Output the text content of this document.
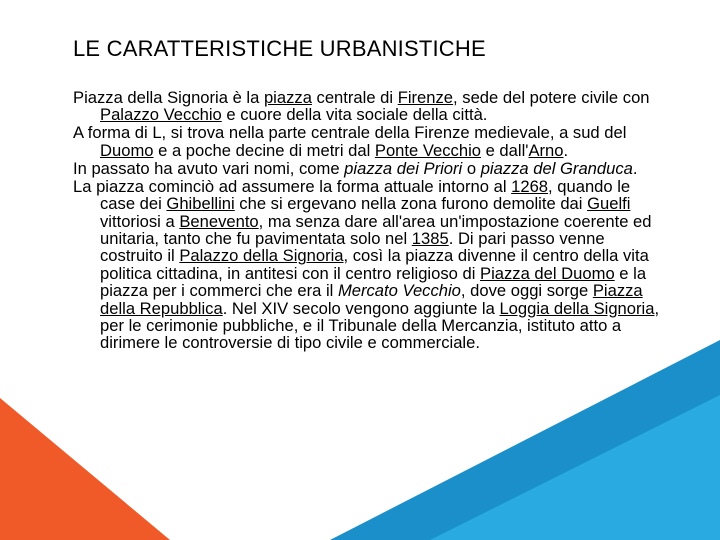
LE CARATTERISTICHE URBANISTICHE

Piazza della Signoria è la piazza centrale di Firenze, sede del potere civile con Palazzo Vecchio e cuore della vita sociale della città.

A forma di L, si trova nella parte centrale della Firenze medievale, a sud del Duomo e a poche decine di metri dal Ponte Vecchio e dall'Arno.

In passato ha avuto vari nomi, come piazza dei Priori o piazza del Granduca.

La piazza cominciò ad assumere la forma attuale intorno al 1268, quando le case dei Ghibellini che si ergevano nella zona furono demolite dai Guelfi vittoriosi a Benevento, ma senza dare all'area un'impostazione coerente ed unitaria, tanto che fu pavimentata solo nel 1385. Di pari passo venne costruito il Palazzo della Signoria, così la piazza divenne il centro della vita politica cittadina, in antitesi con il centro religioso di Piazza del Duomo e la piazza per i commerci che era il Mercato Vecchio, dove oggi sorge Piazza della Repubblica. Nel XIV secolo vengono aggiunte la Loggia della Signoria, per le cerimonie pubbliche, e il Tribunale della Mercanzia, istituto atto a dirimere le controversie di tipo civile e commerciale.
